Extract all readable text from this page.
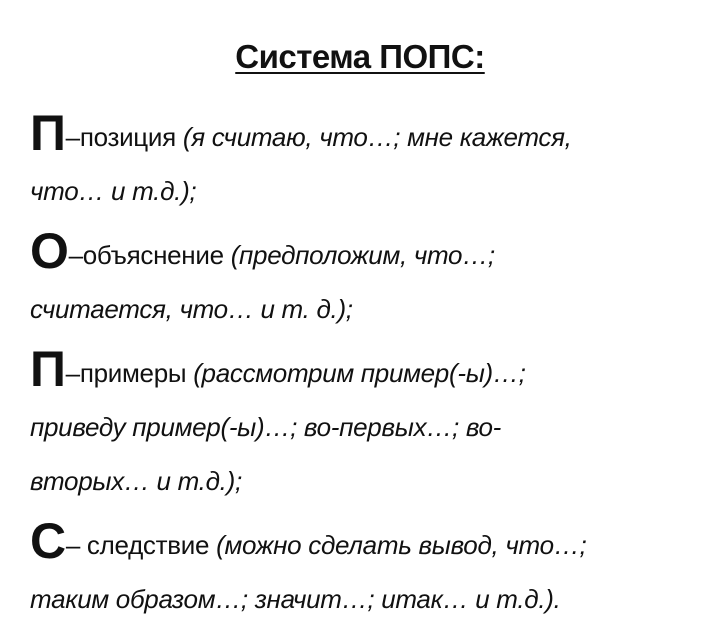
Система ПОПС:
П–позиция (я считаю, что…; мне кажется,
что… и т.д.);
О–объяснение (предположим, что…;
считается, что… и т. д.);
П–примеры (рассмотрим пример(-ы)…;
приведу пример(-ы)…; во-первых…; во-
вторых… и т.д.);
С– следствие (можно сделать вывод, что…;
таким образом…; значит…; итак… и т.д.).
